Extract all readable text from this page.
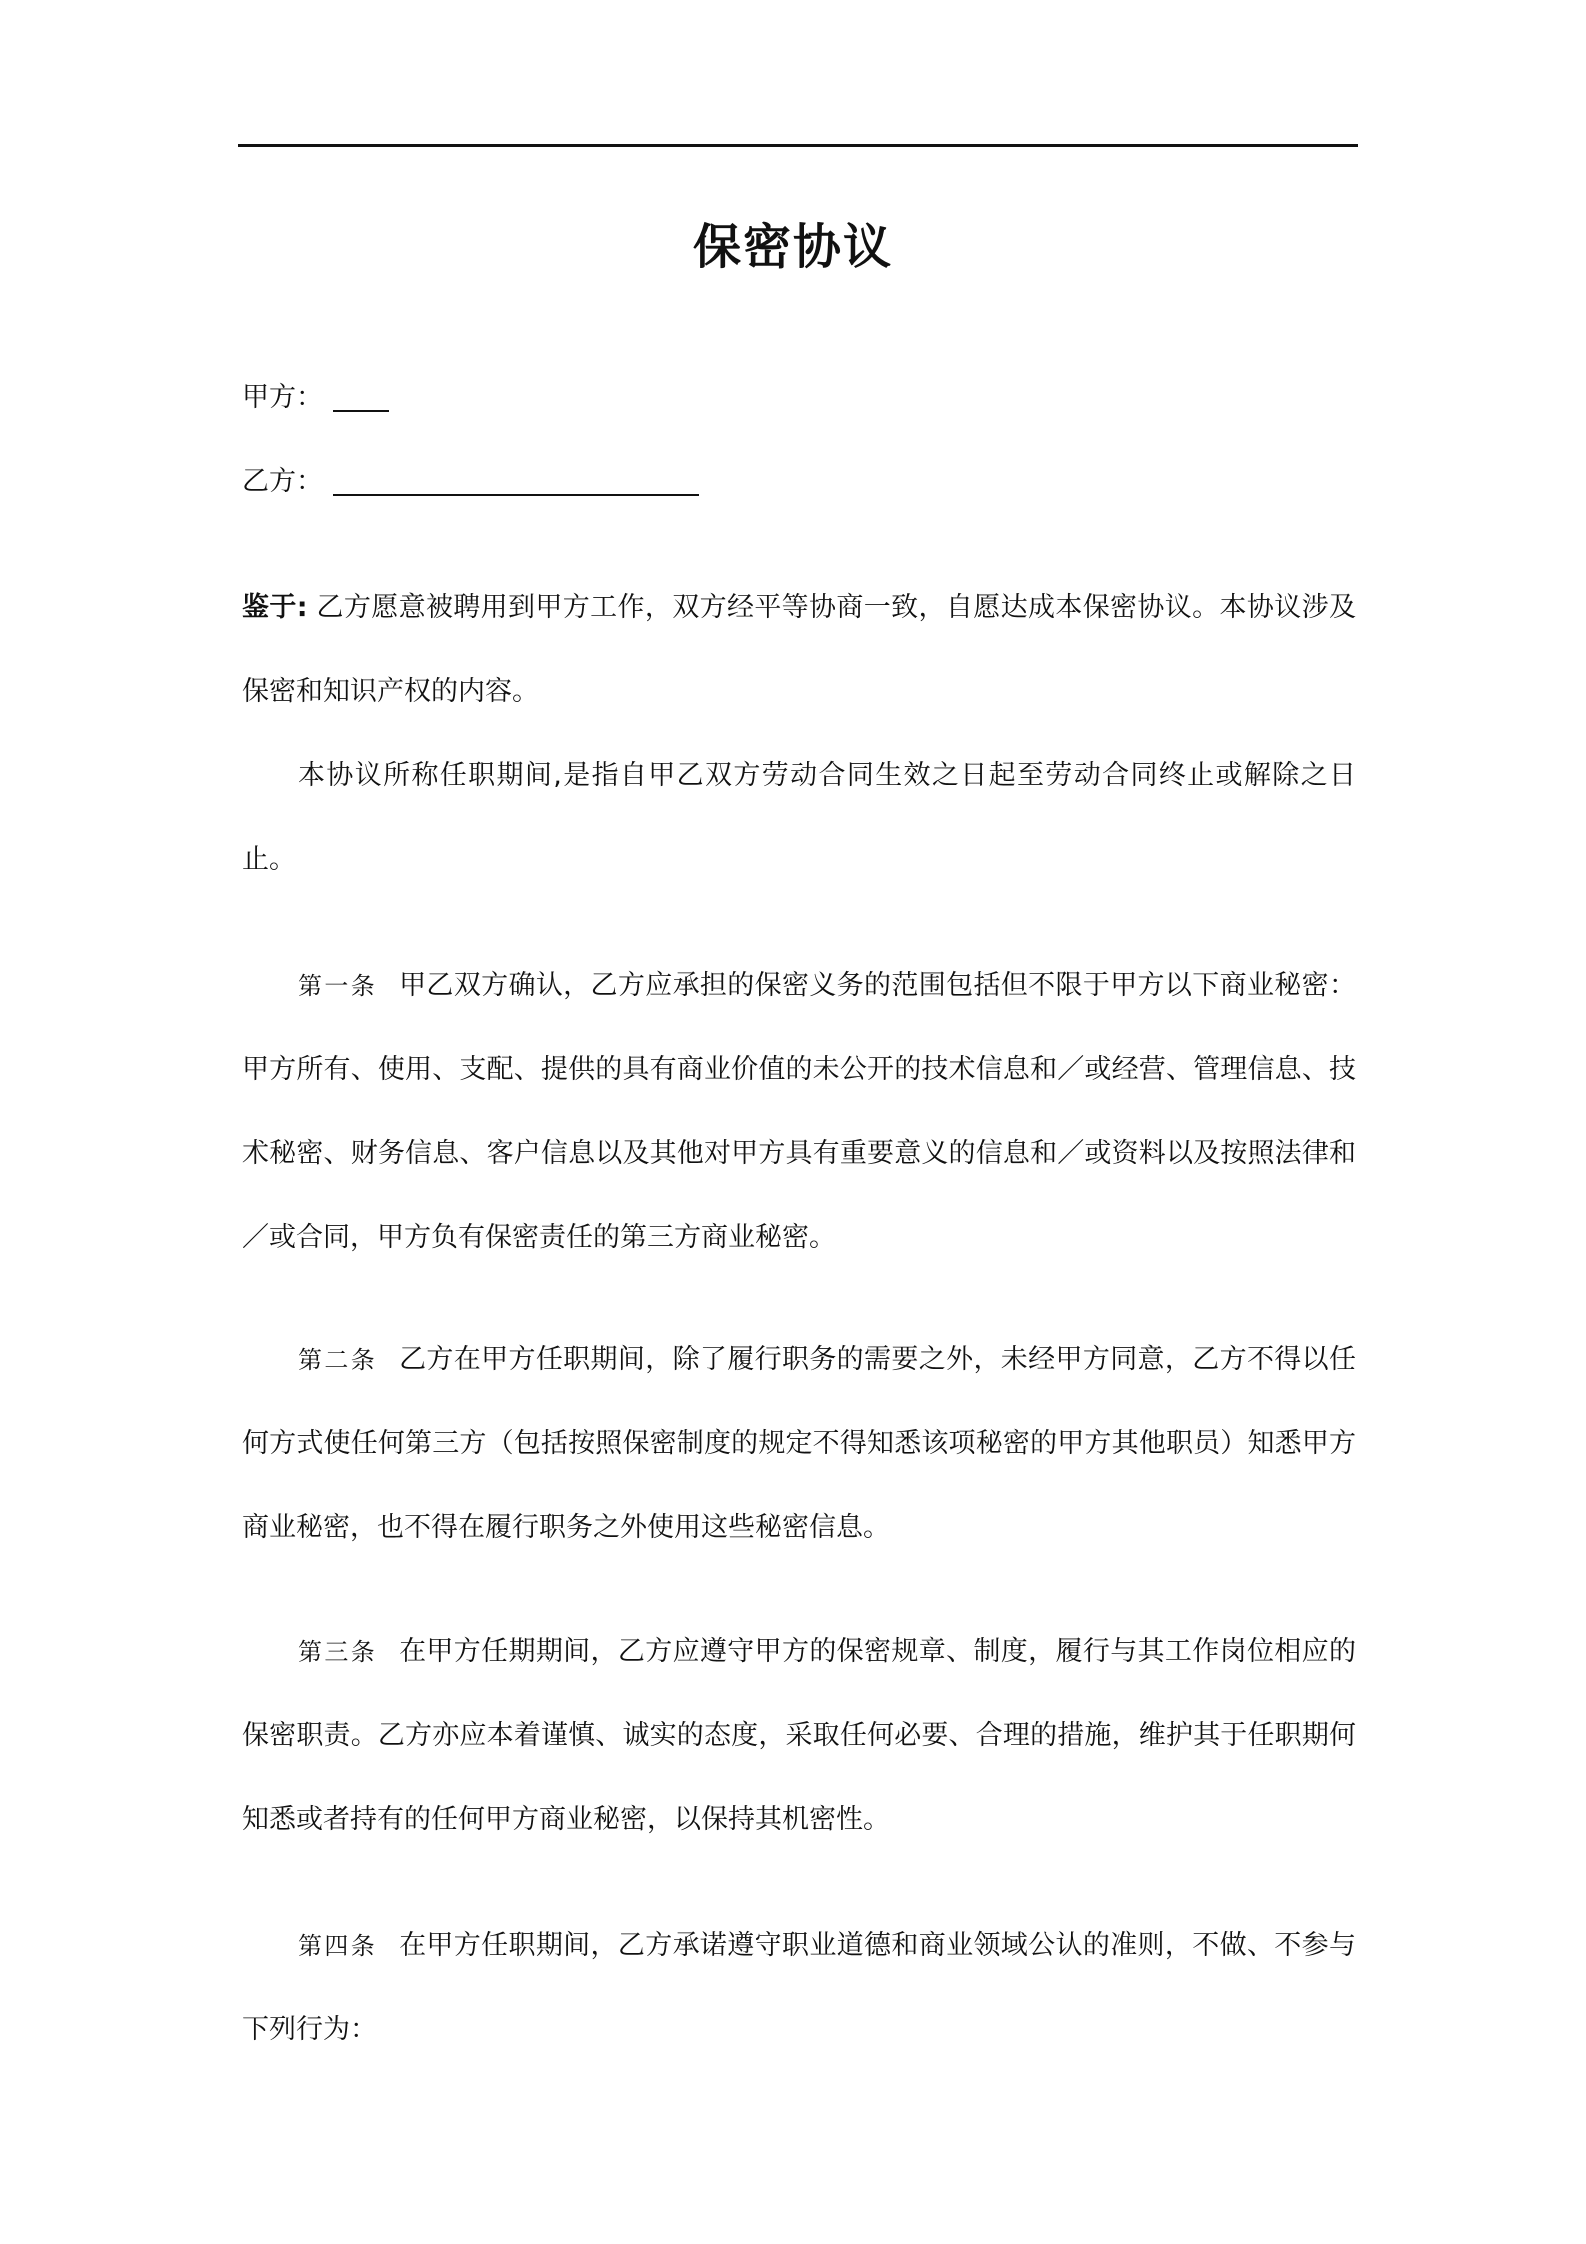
保密协议
甲方：
乙方：
鉴于: 乙方愿意被聘用到甲方工作，双方经平等协商一致，自愿达成本保密协议。本协议涉及保密和知识产权的内容。
本协议所称任职期间,是指自甲乙双方劳动合同生效之日起至劳动合同终止或解除之日止。
第一条 甲乙双方确认，乙方应承担的保密义务的范围包括但不限于甲方以下商业秘密：甲方所有、使用、支配、提供的具有商业价值的未公开的技术信息和／或经营、管理信息、技术秘密、财务信息、客户信息以及其他对甲方具有重要意义的信息和／或资料以及按照法律和／或合同，甲方负有保密责任的第三方商业秘密。
第二条 乙方在甲方任职期间，除了履行职务的需要之外，未经甲方同意，乙方不得以任何方式使任何第三方（包括按照保密制度的规定不得知悉该项秘密的甲方其他职员）知悉甲方商业秘密，也不得在履行职务之外使用这些秘密信息。
第三条 在甲方任期期间，乙方应遵守甲方的保密规章、制度，履行与其工作岗位相应的保密职责。乙方亦应本着谨慎、诚实的态度，采取任何必要、合理的措施，维护其于任职期何知悉或者持有的任何甲方商业秘密，以保持其机密性。
第四条 在甲方任职期间，乙方承诺遵守职业道德和商业领域公认的准则，不做、不参与下列行为：
